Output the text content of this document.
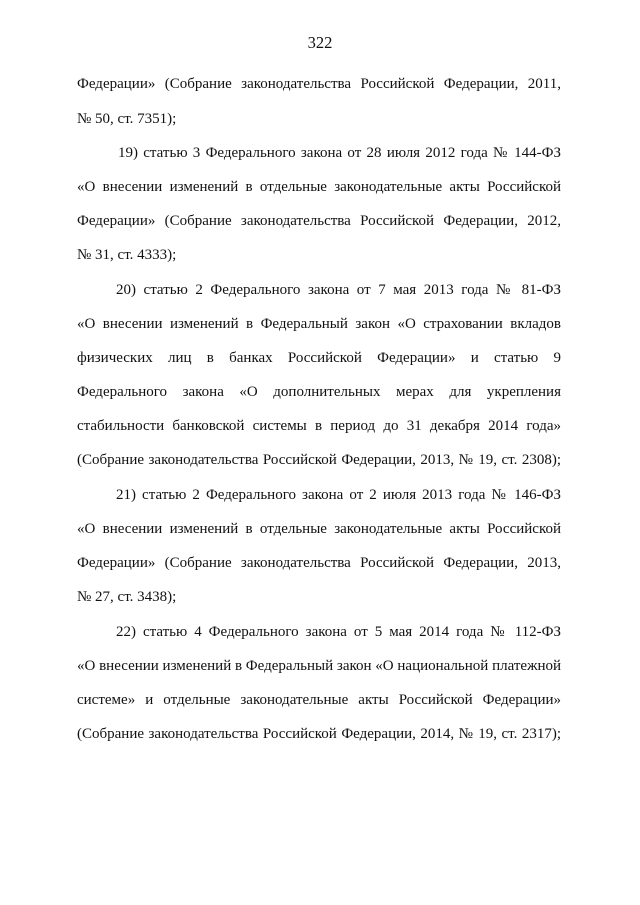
322
Федерации» (Собрание законодательства Российской Федерации, 2011,
№ 50, ст. 7351);
19) статью 3 Федерального закона от 28 июля 2012 года № 144-ФЗ
«О внесении изменений в отдельные законодательные акты Российской
Федерации» (Собрание законодательства Российской Федерации, 2012,
№ 31, ст. 4333);
20) статью 2 Федерального закона от 7 мая 2013 года № 81-ФЗ
«О внесении изменений в Федеральный закон «О страховании вкладов
физических лиц в банках Российской Федерации» и статью 9
Федерального закона «О дополнительных мерах для укрепления
стабильности банковской системы в период до 31 декабря 2014 года»
(Собрание законодательства Российской Федерации, 2013, № 19, ст. 2308);
21) статью 2 Федерального закона от 2 июля 2013 года № 146-ФЗ
«О внесении изменений в отдельные законодательные акты Российской
Федерации» (Собрание законодательства Российской Федерации, 2013,
№ 27, ст. 3438);
22) статью 4 Федерального закона от 5 мая 2014 года № 112-ФЗ
«О внесении изменений в Федеральный закон «О национальной платежной
системе» и отдельные законодательные акты Российской Федерации»
(Собрание законодательства Российской Федерации, 2014, № 19, ст. 2317);
